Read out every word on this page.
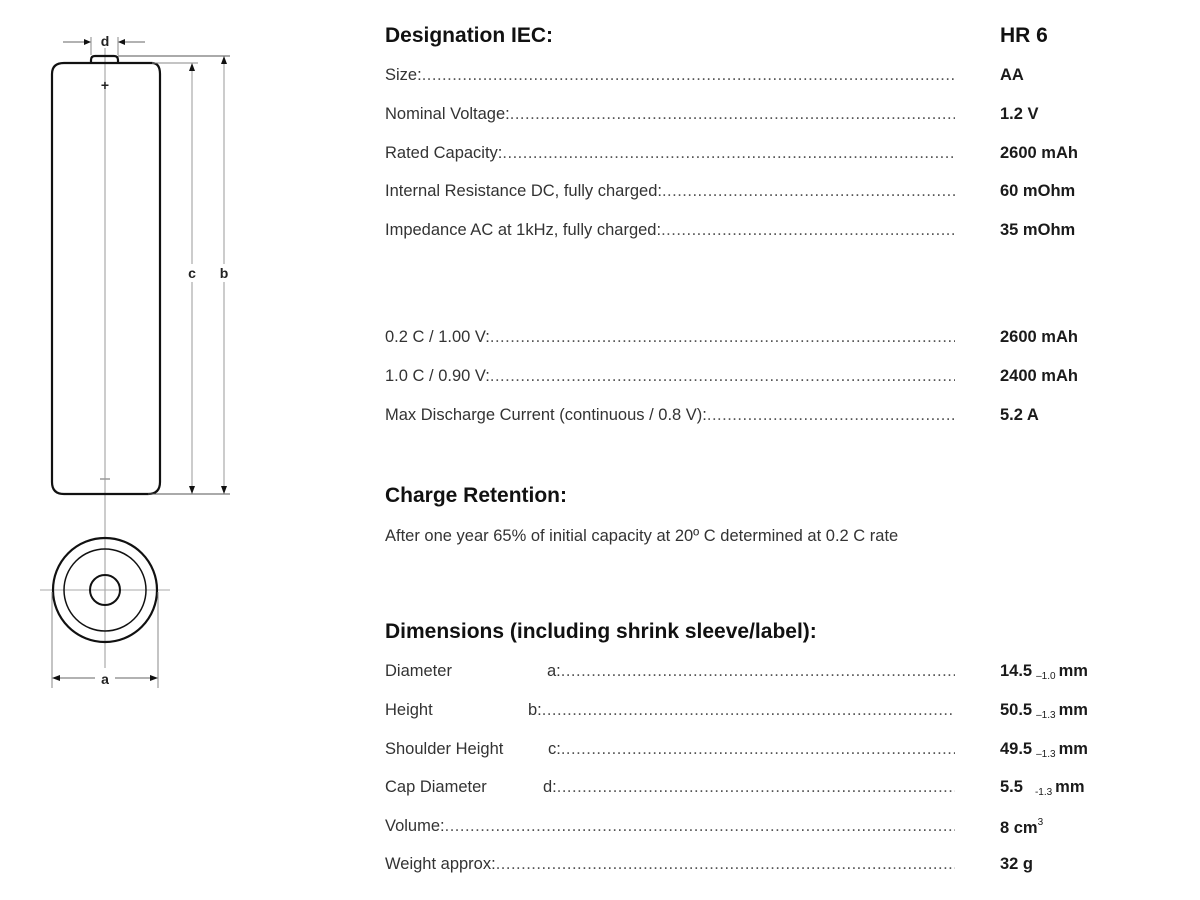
+
d
c b
a
Designation IEC:	HR 6
Size: .....	AA
Nominal Voltage: .....	1.2 V
Rated Capacity: .....	2600 mAh
Internal Resistance DC, fully charged: .....	60 mOhm
Impedance AC at 1kHz, fully charged: .....	35 mOhm
0.2 C / 1.00 V: .....	2600 mAh
1.0 C / 0.90 V: .....	2400 mAh
Max Discharge Current (continuous / 0.8 V): .....	5.2 A
Charge Retention:
After one year 65% of initial capacity at 20º C determined at 0.2 C rate
Dimensions (including shrink sleeve/label):
Diameter	a: .....	14.5 –1.0 mm
Height	b: .....	50.5 –1.3 mm
Shoulder Height	c: .....	49.5 –1.3 mm
Cap Diameter	d: .....	5.5 -1.3 mm
Volume: .....	8 $cm^3$
Weight approx: .....	32 g
